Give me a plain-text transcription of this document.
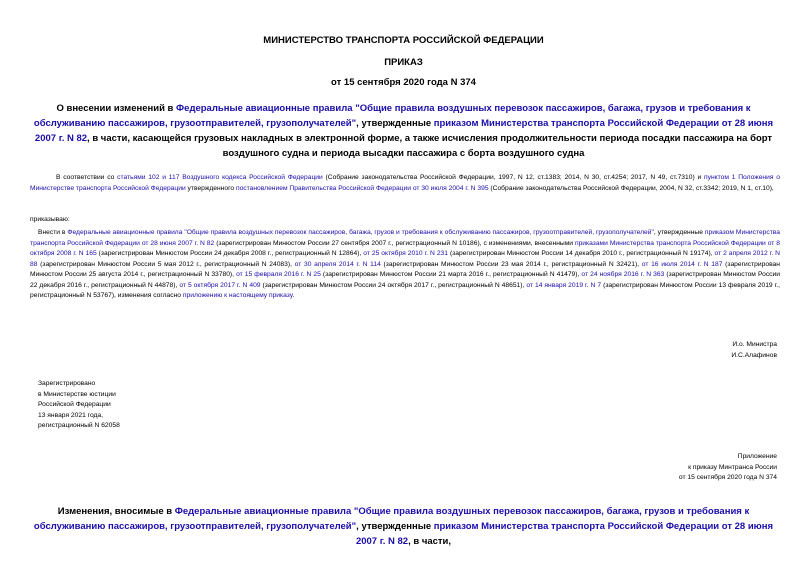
МИНИСТЕРСТВО ТРАНСПОРТА РОССИЙСКОЙ ФЕДЕРАЦИИ
ПРИКАЗ
от 15 сентября 2020 года N 374
О внесении изменений в Федеральные авиационные правила "Общие правила воздушных перевозок пассажиров, багажа, грузов и требования к обслуживанию пассажиров, грузоотправителей, грузополучателей", утвержденные приказом Министерства транспорта Российской Федерации от 28 июня 2007 г. N 82, в части, касающейся грузовых накладных в электронной форме, а также исчисления продолжительности периода посадки пассажира на борт воздушного судна и периода высадки пассажира с борта воздушного судна
В соответствии со статьями 102 и 117 Воздушного кодекса Российской Федерации (Собрание законодательства Российской Федерации, 1997, N 12, ст.1383; 2014, N 30, ст.4254; 2017, N 49, ст.7310) и пунктом 1 Положения о Министерстве транспорта Российской Федерации утвержденного постановлением Правительства Российской Федерации от 30 июля 2004 г. N 395 (Собрание законодательства Российской Федерации, 2004, N 32, ст.3342; 2019, N 1, ст.10),
приказываю:
Внести в Федеральные авиационные правила "Общие правила воздушных перевозок пассажиров, багажа, грузов и требования к обслуживанию пассажиров, грузоотправителей, грузополучателей", утвержденные приказом Министерства транспорта Российской Федерации от 28 июня 2007 г. N 82 (зарегистрирован Минюстом России 27 сентября 2007 г., регистрационный N 10186), с изменениями, внесенными приказами Министерства транспорта Российской Федерации от 8 октября 2008 г. N 165 (зарегистрирован Минюстом России 24 декабря 2008 г., регистрационный N 12864), от 25 октября 2010 г. N 231 (зарегистрирован Минюстом России 14 декабря 2010 г., регистрационный N 19174), от 2 апреля 2012 г. N 88 (зарегистрирован Минюстом России 5 мая 2012 г., регистрационный N 24083), от 30 апреля 2014 г. N 114 (зарегистрирован Минюстом России 23 мая 2014 г., регистрационный N 32421), от 16 июля 2014 г. N 187 (зарегистрирован Минюстом России 25 августа 2014 г., регистрационный N 33780), от 15 февраля 2016 г. N 25 (зарегистрирован Минюстом России 21 марта 2016 г., регистрационный N 41479), от 24 ноября 2016 г. N 363 (зарегистрирован Минюстом России 22 декабря 2016 г., регистрационный N 44878), от 5 октября 2017 г. N 409 (зарегистрирован Минюстом России 24 октября 2017 г., регистрационный N 48651), от 14 января 2019 г. N 7 (зарегистрирован Минюстом России 13 февраля 2019 г., регистрационный N 53767), изменения согласно приложению к настоящему приказу.
И.о. Министра
И.С.Алафинов
Зарегистрировано
в Министерстве юстиции
Российской Федерации
13 января 2021 года,
регистрационный N 62058
Приложение
к приказу Минтранса России
от 15 сентября 2020 года N 374
Изменения, вносимые в Федеральные авиационные правила "Общие правила воздушных перевозок пассажиров, багажа, грузов и требования к обслуживанию пассажиров, грузоотправителей, грузополучателей", утвержденные приказом Министерства транспорта Российской Федерации от 28 июня 2007 г. N 82, в части,
